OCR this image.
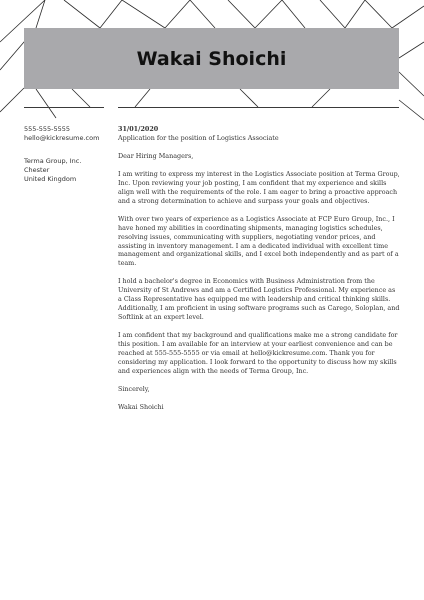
Wakai Shoichi
555-555-5555
hello@kickresume.com
Terma Group, Inc.
Chester
United Kingdom
31/01/2020
Application for the position of Logistics Associate

Dear Hiring Managers,

I am writing to express my interest in the Logistics Associate position at Terma Group, Inc. Upon reviewing your job posting, I am confident that my experience and skills align well with the requirements of the role. I am eager to bring a proactive approach and a strong determination to achieve and surpass your goals and objectives.

With over two years of experience as a Logistics Associate at FCP Euro Group, Inc., I have honed my abilities in coordinating shipments, managing logistics schedules, resolving issues, communicating with suppliers, negotiating vendor prices, and assisting in inventory management. I am a dedicated individual with excellent time management and organizational skills, and I excel both independently and as part of a team.

I hold a bachelor's degree in Economics with Business Administration from the University of St Andrews and am a Certified Logistics Professional. My experience as a Class Representative has equipped me with leadership and critical thinking skills. Additionally, I am proficient in using software programs such as Carego, Soloplan, and Softlink at an expert level.

I am confident that my background and qualifications make me a strong candidate for this position. I am available for an interview at your earliest convenience and can be reached at 555-555-5555 or via email at hello@kickresume.com. Thank you for considering my application. I look forward to the opportunity to discuss how my skills and experiences align with the needs of Terma Group, Inc.

Sincerely,

Wakai Shoichi
